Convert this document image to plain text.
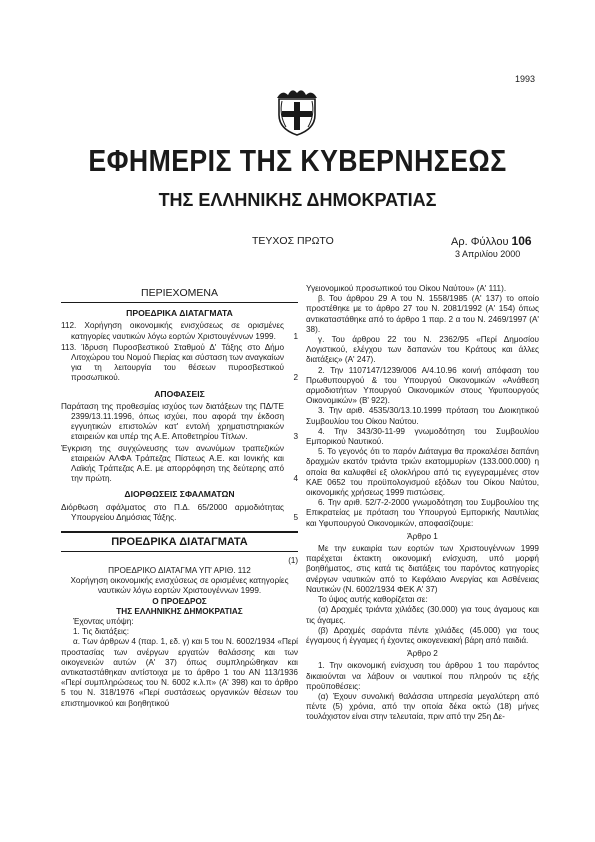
1993
ΕΦΗΜΕΡΙΣ ΤΗΣ ΚΥΒΕΡΝΗΣΕΩΣ
ΤΗΣ ΕΛΛΗΝΙΚΗΣ ΔΗΜΟΚΡΑΤΙΑΣ
ΤΕΥΧΟΣ ΠΡΩΤΟ	Αρ. Φύλλου 106
3 Απριλίου 2000
ΠΕΡΙΕΧΟΜΕΝΑ
ΠΡΟΕΔΡΙΚΑ ΔΙΑΤΑΓΜΑΤΑ
112. Χορήγηση οικονομικής ενισχύσεως σε ορισμένες κατηγορίες ναυτικών λόγω εορτών Χριστουγέννων 1999.	1
113. Ίδρυση Πυροσβεστικού Σταθμού Δ' Τάξης στο Δήμο Λιτοχώρου του Νομού Πιερίας και σύσταση των αναγκαίων για τη λειτουργία του θέσεων πυροσβεστικού προσωπικού.	2
ΑΠΟΦΑΣΕΙΣ
Παράταση της προθεσμίας ισχύος των διατάξεων της ΠΔ/ΤΕ 2399/13.11.1996, όπως ισχύει, που αφορά την έκδοση εγγυητικών επιστολών κατ' εντολή χρηματιστηριακών εταιρειών και υπέρ της Α.Ε. Αποθετηρίου Τίτλων.	3
Έγκριση της συγχώνευσης των ανωνύμων τραπεζικών εταιρειών ΑΛΦΑ Τράπεζας Πίστεως Α.Ε. και Ιονικής και Λαϊκής Τράπεζας Α.Ε. με απορρόφηση της δεύτερης από την πρώτη.	4
ΔΙΟΡΘΩΣΕΙΣ ΣΦΑΛΜΑΤΩΝ
Διόρθωση σφάλματος στο Π.Δ. 65/2000 αρμοδιότητας Υπουργείου Δημόσιας Τάξης.	5
ΠΡΟΕΔΡΙΚΑ ΔΙΑΤΑΓΜΑΤΑ
(1)

ΠΡΟΕΔΡΙΚΟ ΔΙΑΤΑΓΜΑ ΥΠ' ΑΡΙΘ. 112

Χορήγηση οικονομικής ενισχύσεως σε ορισμένες κατηγορίες ναυτικών λόγω εορτών Χριστουγέννων 1999.

Ο ΠΡΟΕΔΡΟΣ

ΤΗΣ ΕΛΛΗΝΙΚΗΣ ΔΗΜΟΚΡΑΤΙΑΣ

Έχοντας υπόψη:

1. Τις διατάξεις:

α. Των άρθρων 4 (παρ. 1, εδ. γ) και 5 του Ν. 6002/1934 «Περί προστασίας των ανέργων εργατών θαλάσσης και των οικογενειών αυτών (Α' 37) όπως συμπληρώθηκαν και αντικαταστάθηκαν αντίστοιχα με το άρθρο 1 του ΑΝ 113/1936 «Περί συμπληρώσεως του Ν. 6002 κ.λ.π» (Α' 398) και το άρθρο 5 του Ν. 318/1976 «Περί συστάσεως οργανικών θέσεων του επιστημονικού και βοηθητικού

Υγειονομικού προσωπικού του Οίκου Ναύτου» (Α' 111).

β. Του άρθρου 29 Α του Ν. 1558/1985 (Α' 137) το οποίο προστέθηκε με το άρθρο 27 του Ν. 2081/1992 (Α' 154) όπως αντικαταστάθηκε από το άρθρο 1 παρ. 2 α του Ν. 2469/1997 (Α' 38).

γ. Του άρθρου 22 του Ν. 2362/95 «Περί Δημοσίου Λογιστικού, ελέγχου των δαπανών του Κράτους και άλλες διατάξεις» (Α' 247).

2. Την 1107147/1239/006 Α/4.10.96 κοινή απόφαση του Πρωθυπουργού & του Υπουργού Οικονομικών «Ανάθεση αρμοδιοτήτων Υπουργού Οικονομικών στους Υφυπουργούς Οικονομικών» (Β' 922).

3. Την αριθ. 4535/30/13.10.1999 πρόταση του Διοικητικού Συμβουλίου του Οίκου Ναύτου.

4. Την 343/30-11-99 γνωμοδότηση του Συμβουλίου Εμπορικού Ναυτικού.

5. Το γεγονός ότι το παρόν Διάταγμα θα προκαλέσει δαπάνη δραχμών εκατόν τριάντα τριών εκατομμυρίων (133.000.000) η οποία θα καλυφθεί εξ ολοκλήρου από τις εγγεγραμμένες στον ΚΑΕ 0652 του προϋπολογισμού εξόδων του Οίκου Ναύτου, οικονομικής χρήσεως 1999 πιστώσεις.

6. Την αριθ. 52/7-2-2000 γνωμοδότηση του Συμβουλίου της Επικρατείας με πρόταση του Υπουργού Εμπορικής Ναυτιλίας και Υφυπουργού Οικονομικών, αποφασίζουμε:

Άρθρο 1

Με την ευκαιρία των εορτών των Χριστουγέννων 1999 παρέχεται έκτακτη οικονομική ενίσχυση, υπό μορφή βοηθήματος, στις κατά τις διατάξεις του παρόντος κατηγορίες ανέργων ναυτικών από το Κεφάλαιο Ανεργίας και Ασθένειας Ναυτικών (Ν. 6002/1934 ΦΕΚ Α' 37)

Το ύψος αυτής καθορίζεται σε:

(α) Δραχμές τριάντα χιλιάδες (30.000) για τους άγαμους και τις άγαμες.

(β) Δραχμές σαράντα πέντε χιλιάδες (45.000) για τους έγγαμους ή έγγαμες ή έχοντες οικογενειακή βάρη από παιδιά.

Άρθρο 2

1. Την οικονομική ενίσχυση του άρθρου 1 του παρόντος δικαιούνται να λάβουν οι ναυτικοί που πληρούν τις εξής προϋποθέσεις:

(α) Έχουν συνολική θαλάσσια υπηρεσία μεγαλύτερη από πέντε (5) χρόνια, από την οποία δέκα οκτώ (18) μήνες τουλάχιστον είναι στην τελευταία, πριν από την 25η Δε-
